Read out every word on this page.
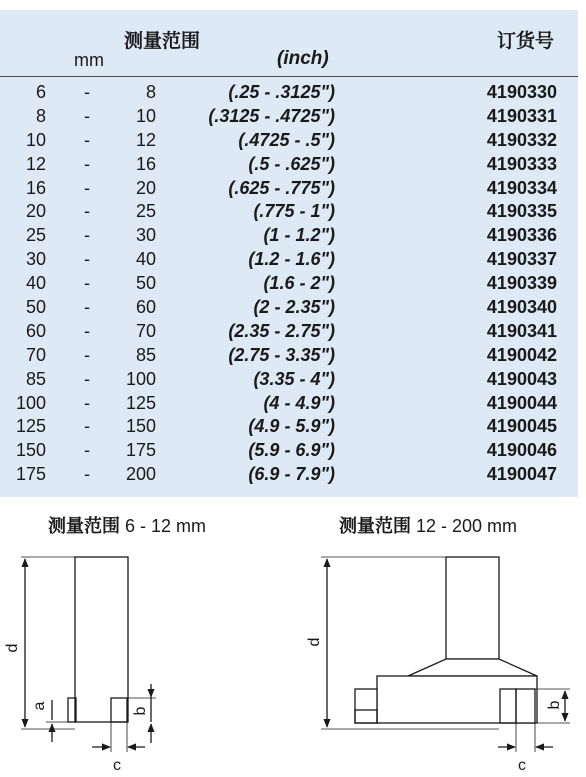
测量范围	订货号
mm	(inch)
6 -	8	(.25 - .3125")	4190330
8 -	10	(.3125 - .4725")	4190331
10 -	12	(.4725 - .5")	4190332
12 -	16	(.5 - .625")	4190333
16 -	20	(.625 - .775")	4190334
20 -	25	(.775 - 1")	4190335
25 -	30	(1 - 1.2")	4190336
30 -	40	(1.2 - 1.6")	4190337
40 -	50	(1.6 - 2")	4190339
50 -	60	(2 - 2.35")	4190340
60 -	70	(2.35 - 2.75")	4190341
70 -	85	(2.75 - 3.35")	4190042
85 - 100	(3.35 - 4")	4190043
100 - 125	(4 - 4.9")	4190044
125 - 150	(4.9 - 5.9")	4190045
150 - 175	(5.9 - 6.9")	4190046
175 - 200	(6.9 - 7.9")	4190047
测量范围 6 - 12 mm	测量范围 12 - 200 mm
d
a
b
c
d
b
c
